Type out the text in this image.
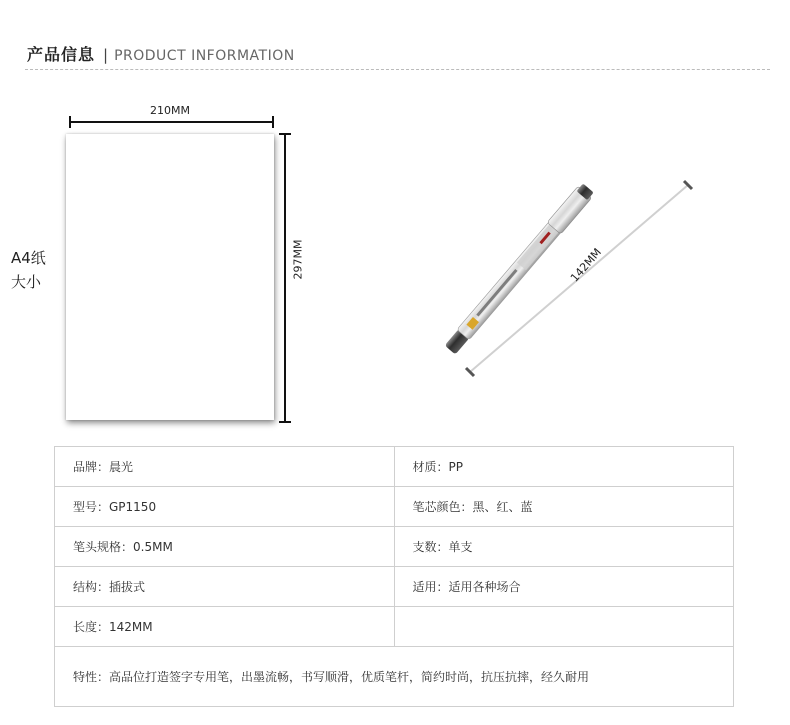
产品信息 | PRODUCT INFORMATION
A4纸
大小
210MM
297MM	142MM
品牌：晨光	材质：PP
型号：GP1150	笔芯颜色：黑、红、蓝
笔头规格：0.5MM	支数：单支
结构：插拔式	适用：适用各种场合
长度：142MM	
特性：高品位打造签字专用笔，出墨流畅，书写顺滑，优质笔杆，简约时尚，抗压抗摔，经久耐用	
